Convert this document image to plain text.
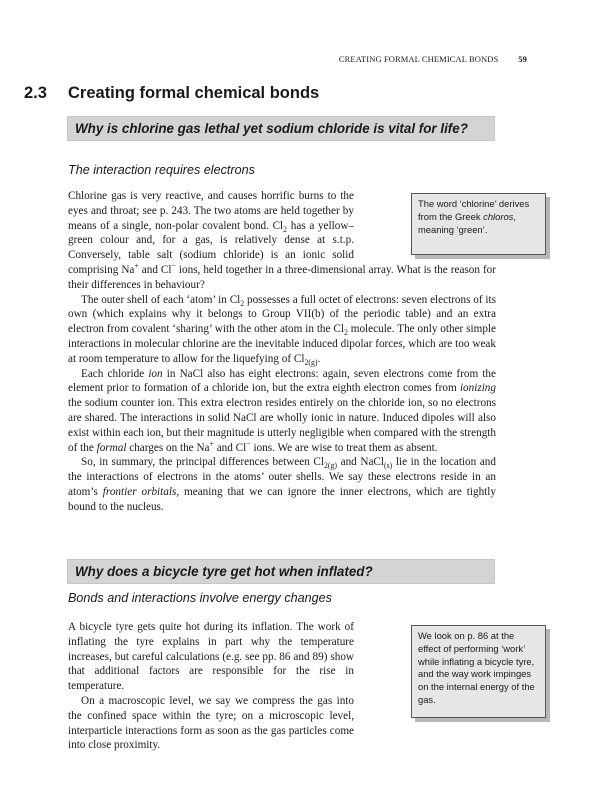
CREATING FORMAL CHEMICAL BONDS 59
2.3 Creating formal chemical bonds
Why is chlorine gas lethal yet sodium chloride is vital for life?
The interaction requires electrons
The word ‘chlorine’ derives from the Greek chloros, meaning ‘green’.

Chlorine gas is very reactive, and causes horrific burns to the eyes and throat; see p. 243. The two atoms are held together by means of a single, non-polar covalent bond. $Cl_2$ has a yellow–green colour and, for a gas, is relatively dense at s.t.p. Conversely, table salt (sodium chloride) is an ionic solid comprising Na+ and Cl− ions, held together in a three-dimensional array. What is the reason for their differences in behaviour?

The outer shell of each ‘atom’ in $Cl_2$ possesses a full octet of electrons: seven electrons of its own (which explains why it belongs to Group VII(b) of the periodic table) and an extra electron from covalent ‘sharing’ with the other atom in the $Cl_2$ molecule. The only other simple interactions in molecular chlorine are the inevitable induced dipolar forces, which are too weak at room temperature to allow for the liquefying of $Cl_{2(g)}$.

Each chloride ion in NaCl also has eight electrons: again, seven electrons come from the element prior to formation of a chloride ion, but the extra eighth electron comes from ionizing the sodium counter ion. This extra electron resides entirely on the chloride ion, so no electrons are shared. The interactions in solid NaCl are wholly ionic in nature. Induced dipoles will also exist within each ion, but their magnitude is utterly negligible when compared with the strength of the formal charges on the Na+ and Cl− ions. We are wise to treat them as absent.

So, in summary, the principal differences between $Cl_{2(g)}$ and NaCl$_{(s)}$ lie in the location and the interactions of electrons in the atoms’ outer shells. We say these electrons reside in an atom’s frontier orbitals, meaning that we can ignore the inner electrons, which are tightly bound to the nucleus.

Why does a bicycle tyre get hot when inflated?
Bonds and interactions involve energy changes
We look on p. 86 at the effect of performing ‘work’ while inflating a bicycle tyre, and the way work impinges on the internal energy of the gas.

A bicycle tyre gets quite hot during its inflation. The work of inflating the tyre explains in part why the temperature increases, but careful calculations (e.g. see pp. 86 and 89) show that additional factors are responsible for the rise in temperature.

On a macroscopic level, we say we compress the gas into the confined space within the tyre; on a microscopic level, interparticle interactions form as soon as the gas particles come into close proximity.
